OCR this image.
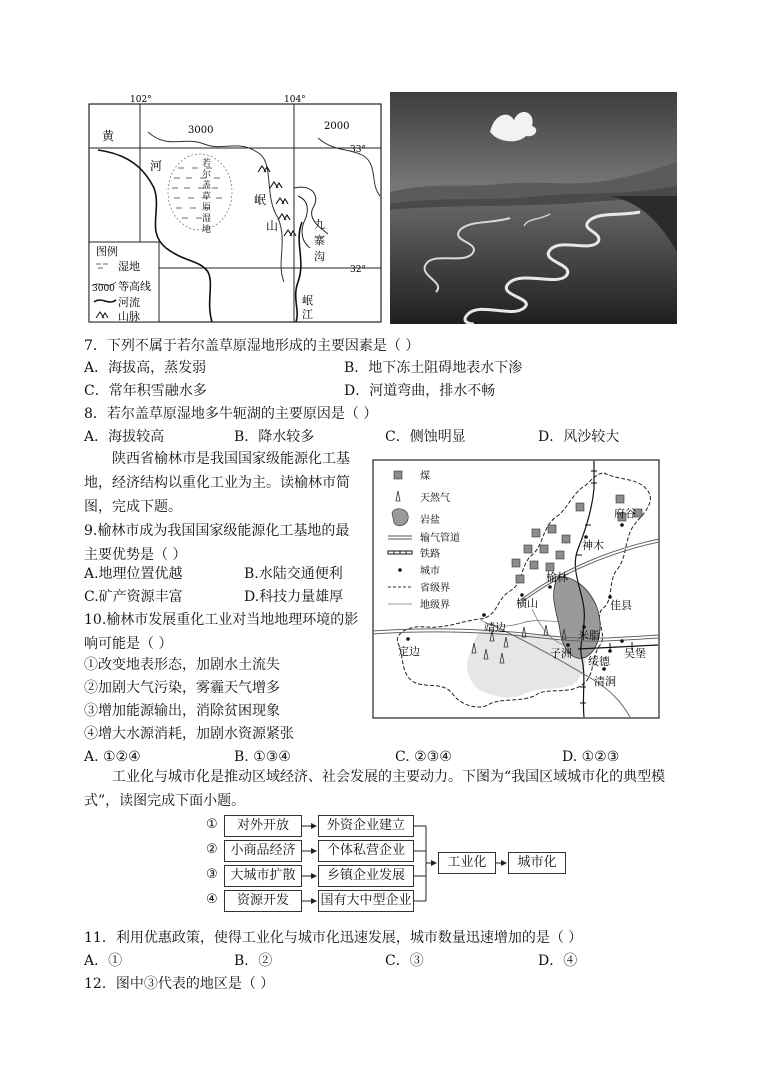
102°	104°
33°
32°
3000	2000
黄
河	若
尔
盖
草
原
湿
地
岷
山	九
寨
沟
岷
江
图例
湿地
3000 等高线
河流
山脉
7．下列不属于若尔盖草原湿地形成的主要因素是（ ）
A．海拔高，蒸发弱	B．地下冻土阻碍地表水下渗
C．常年积雪融水多	D．河道弯曲，排水不畅
8．若尔盖草原湿地多牛轭湖的主要原因是（ ）
A．海拔较高	B．降水较多	C．侧蚀明显	D．风沙较大
陕西省榆林市是我国国家级能源化工基地，经济结构以重化工业为主。读榆林市简图，完成下题。
9.榆林市成为我国国家级能源化工基地的最主要优势是（ ）
A.地理位置优越	B.水陆交通便利
C.矿产资源丰富	D.科技力量雄厚
10.榆林市发展重化工业对当地地理环境的影响可能是（ ）
①改变地表形态，加剧水土流失
②加剧大气污染，雾霾天气增多
③增加能源输出，消除贫困现象
④增大水源消耗，加剧水资源紧张
A. ①②④	B. ①③④	C. ②③④	D. ①②③
煤
天然气
岩盐
输气管道
铁路
城市
省级界
地级界
府谷
神木
榆林
横山	佳县
靖边
米脂
定边	子洲
绥德
吴堡
清涧
工业化与城市化是推动区域经济、社会发展的主要动力。下图为“我国区域城市化的典型模式”，读图完成下面小题。
①
②
③
④
对外开放
小商品经济
大城市扩散
资源开发
外资企业建立
个体私营企业
乡镇企业发展
国有大中型企业
工业化	城市化
11．利用优惠政策，使得工业化与城市化迅速发展，城市数量迅速增加的是（ ）
A．①	B．②	C．③	D．④
12．图中③代表的地区是（ ）
